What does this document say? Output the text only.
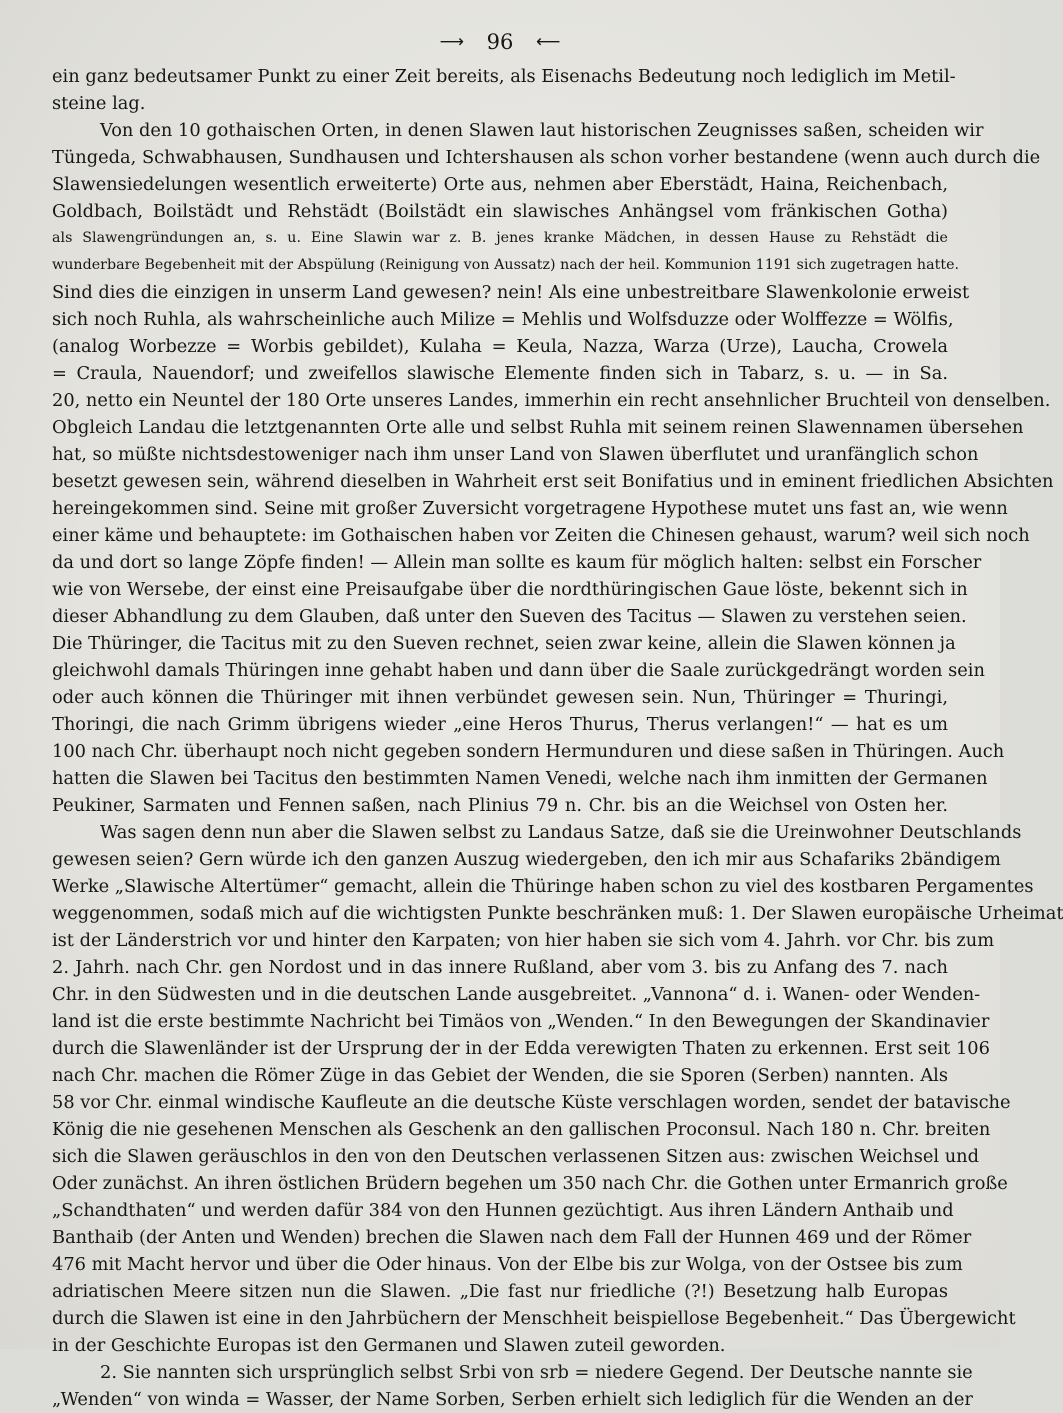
⟶ 96 ⟵
ein ganz bedeutsamer Punkt zu einer Zeit bereits, als Eisenachs Bedeutung noch lediglich im Metil-
steine lag.
Von den 10 gothaischen Orten, in denen Slawen laut historischen Zeugnisses saßen, scheiden wir
Tüngeda, Schwabhausen, Sundhausen und Ichtershausen als schon vorher bestandene (wenn auch durch die
Slawensiedelungen wesentlich erweiterte) Orte aus, nehmen aber Eberstädt, Haina, Reichenbach,
Goldbach, Boilstädt und Rehstädt (Boilstädt ein slawisches Anhängsel vom fränkischen Gotha)
als Slawengründungen an, s. u. Eine Slawin war z. B. jenes kranke Mädchen, in dessen Hause zu Rehstädt die
wunderbare Begebenheit mit der Abspülung (Reinigung von Aussatz) nach der heil. Kommunion 1191 sich zugetragen hatte.
Sind dies die einzigen in unserm Land gewesen? nein! Als eine unbestreitbare Slawenkolonie erweist
sich noch Ruhla, als wahrscheinliche auch Milize = Mehlis und Wolfsduzze oder Wolffezze = Wölfis,
(analog Worbezze = Worbis gebildet), Kulaha = Keula, Nazza, Warza (Urze), Laucha, Crowela
= Craula, Nauendorf; und zweifellos slawische Elemente finden sich in Tabarz, s. u. — in Sa.
20, netto ein Neuntel der 180 Orte unseres Landes, immerhin ein recht ansehnlicher Bruchteil von denselben.
Obgleich Landau die letztgenannten Orte alle und selbst Ruhla mit seinem reinen Slawennamen übersehen
hat, so müßte nichtsdestoweniger nach ihm unser Land von Slawen überflutet und uranfänglich schon
besetzt gewesen sein, während dieselben in Wahrheit erst seit Bonifatius und in eminent friedlichen Absichten
hereingekommen sind. Seine mit großer Zuversicht vorgetragene Hypothese mutet uns fast an, wie wenn
einer käme und behauptete: im Gothaischen haben vor Zeiten die Chinesen gehaust, warum? weil sich noch
da und dort so lange Zöpfe finden! — Allein man sollte es kaum für möglich halten: selbst ein Forscher
wie von Wersebe, der einst eine Preisaufgabe über die nordthüringischen Gaue löste, bekennt sich in
dieser Abhandlung zu dem Glauben, daß unter den Sueven des Tacitus — Slawen zu verstehen seien.
Die Thüringer, die Tacitus mit zu den Sueven rechnet, seien zwar keine, allein die Slawen können ja
gleichwohl damals Thüringen inne gehabt haben und dann über die Saale zurückgedrängt worden sein
oder auch können die Thüringer mit ihnen verbündet gewesen sein. Nun, Thüringer = Thuringi,
Thoringi, die nach Grimm übrigens wieder „eine Heros Thurus, Therus verlangen!“ — hat es um
100 nach Chr. überhaupt noch nicht gegeben sondern Hermunduren und diese saßen in Thüringen. Auch
hatten die Slawen bei Tacitus den bestimmten Namen Venedi, welche nach ihm inmitten der Germanen
Peukiner, Sarmaten und Fennen saßen, nach Plinius 79 n. Chr. bis an die Weichsel von Osten her.
Was sagen denn nun aber die Slawen selbst zu Landaus Satze, daß sie die Ureinwohner Deutschlands
gewesen seien? Gern würde ich den ganzen Auszug wiedergeben, den ich mir aus Schafariks 2bändigem
Werke „Slawische Altertümer“ gemacht, allein die Thüringe haben schon zu viel des kostbaren Pergamentes
weggenommen, sodaß mich auf die wichtigsten Punkte beschränken muß: 1. Der Slawen europäische Urheimat
ist der Länderstrich vor und hinter den Karpaten; von hier haben sie sich vom 4. Jahrh. vor Chr. bis zum
2. Jahrh. nach Chr. gen Nordost und in das innere Rußland, aber vom 3. bis zu Anfang des 7. nach
Chr. in den Südwesten und in die deutschen Lande ausgebreitet. „Vannona“ d. i. Wanen- oder Wenden-
land ist die erste bestimmte Nachricht bei Timäos von „Wenden.“ In den Bewegungen der Skandinavier
durch die Slawenländer ist der Ursprung der in der Edda verewigten Thaten zu erkennen. Erst seit 106
nach Chr. machen die Römer Züge in das Gebiet der Wenden, die sie Sporen (Serben) nannten. Als
58 vor Chr. einmal windische Kaufleute an die deutsche Küste verschlagen worden, sendet der batavische
König die nie gesehenen Menschen als Geschenk an den gallischen Proconsul. Nach 180 n. Chr. breiten
sich die Slawen geräuschlos in den von den Deutschen verlassenen Sitzen aus: zwischen Weichsel und
Oder zunächst. An ihren östlichen Brüdern begehen um 350 nach Chr. die Gothen unter Ermanrich große
„Schandthaten“ und werden dafür 384 von den Hunnen gezüchtigt. Aus ihren Ländern Anthaib und
Banthaib (der Anten und Wenden) brechen die Slawen nach dem Fall der Hunnen 469 und der Römer
476 mit Macht hervor und über die Oder hinaus. Von der Elbe bis zur Wolga, von der Ostsee bis zum
adriatischen Meere sitzen nun die Slawen. „Die fast nur friedliche (?!) Besetzung halb Europas
durch die Slawen ist eine in den Jahrbüchern der Menschheit beispiellose Begebenheit.“ Das Übergewicht
in der Geschichte Europas ist den Germanen und Slawen zuteil geworden.
2. Sie nannten sich ursprünglich selbst Srbi von srb = niedere Gegend. Der Deutsche nannte sie
„Wenden“ von winda = Wasser, der Name Sorben, Serben erhielt sich lediglich für die Wenden an der
